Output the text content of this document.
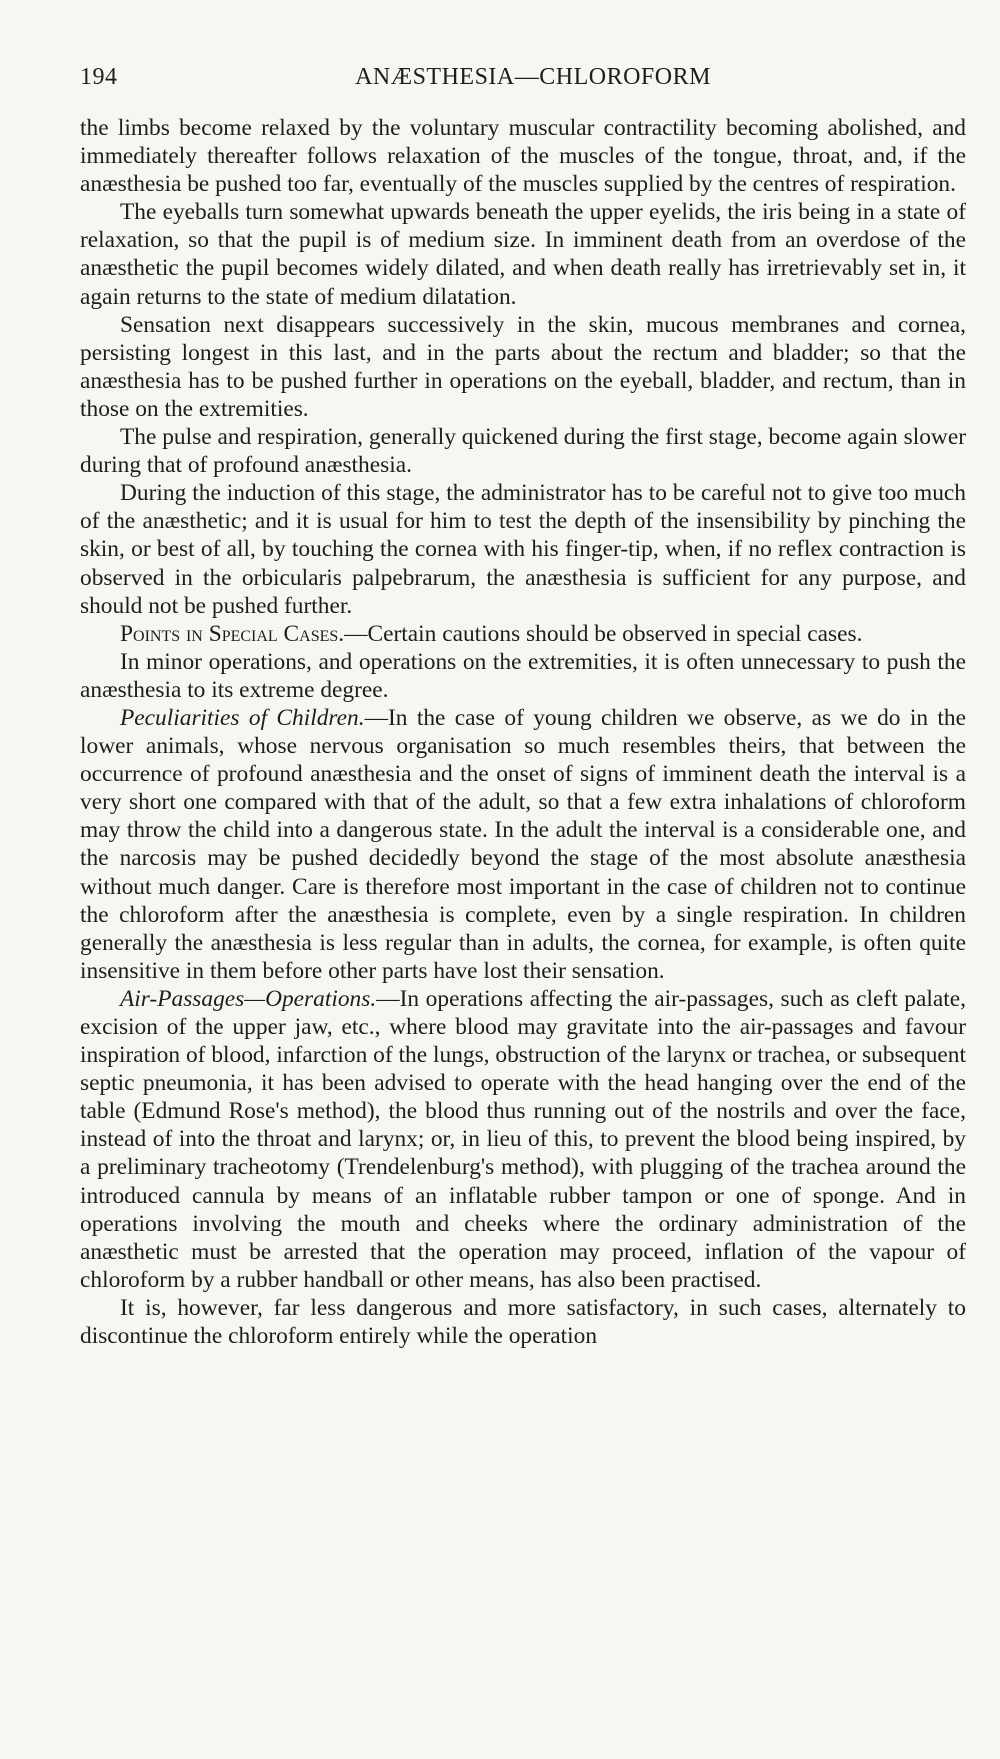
194	ANÆSTHESIA—CHLOROFORM

the limbs become relaxed by the voluntary muscular contractility becoming abolished, and immediately thereafter follows relaxation of the muscles of the tongue, throat, and, if the anæsthesia be pushed too far, eventually of the muscles supplied by the centres of respiration.

The eyeballs turn somewhat upwards beneath the upper eyelids, the iris being in a state of relaxation, so that the pupil is of medium size. In imminent death from an overdose of the anæsthetic the pupil becomes widely dilated, and when death really has irretrievably set in, it again returns to the state of medium dilatation.

Sensation next disappears successively in the skin, mucous membranes and cornea, persisting longest in this last, and in the parts about the rectum and bladder; so that the anæsthesia has to be pushed further in operations on the eyeball, bladder, and rectum, than in those on the extremities.

The pulse and respiration, generally quickened during the first stage, become again slower during that of profound anæsthesia.

During the induction of this stage, the administrator has to be careful not to give too much of the anæsthetic; and it is usual for him to test the depth of the insensibility by pinching the skin, or best of all, by touching the cornea with his finger-tip, when, if no reflex contraction is observed in the orbicularis palpebrarum, the anæsthesia is sufficient for any purpose, and should not be pushed further.

Points in Special Cases.—Certain cautions should be observed in special cases.

In minor operations, and operations on the extremities, it is often unnecessary to push the anæsthesia to its extreme degree.

Peculiarities of Children.—In the case of young children we observe, as we do in the lower animals, whose nervous organisation so much resembles theirs, that between the occurrence of profound anæsthesia and the onset of signs of imminent death the interval is a very short one compared with that of the adult, so that a few extra inhalations of chloroform may throw the child into a dangerous state. In the adult the interval is a considerable one, and the narcosis may be pushed decidedly beyond the stage of the most absolute anæsthesia without much danger. Care is therefore most important in the case of children not to continue the chloroform after the anæsthesia is complete, even by a single respiration. In children generally the anæsthesia is less regular than in adults, the cornea, for example, is often quite insensitive in them before other parts have lost their sensation.

Air-Passages—Operations.—In operations affecting the air-passages, such as cleft palate, excision of the upper jaw, etc., where blood may gravitate into the air-passages and favour inspiration of blood, infarction of the lungs, obstruction of the larynx or trachea, or subsequent septic pneumonia, it has been advised to operate with the head hanging over the end of the table (Edmund Rose's method), the blood thus running out of the nostrils and over the face, instead of into the throat and larynx; or, in lieu of this, to prevent the blood being inspired, by a preliminary tracheotomy (Trendelenburg's method), with plugging of the trachea around the introduced cannula by means of an inflatable rubber tampon or one of sponge. And in operations involving the mouth and cheeks where the ordinary administration of the anæsthetic must be arrested that the operation may proceed, inflation of the vapour of chloroform by a rubber handball or other means, has also been practised.

It is, however, far less dangerous and more satisfactory, in such cases, alternately to discontinue the chloroform entirely while the operation
